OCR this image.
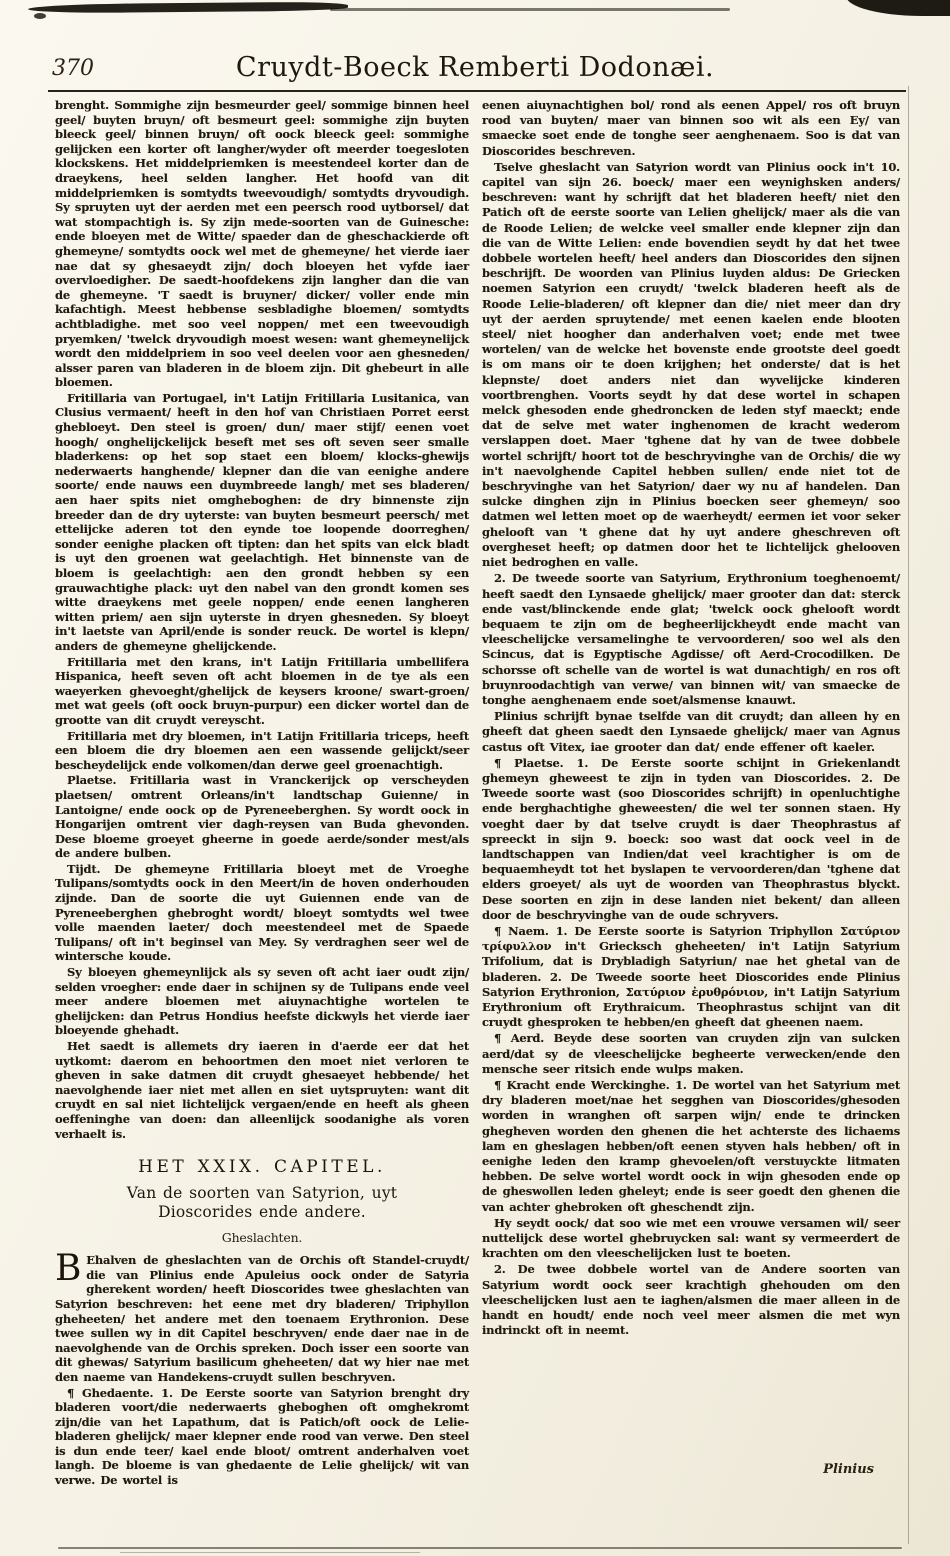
370	Cruydt-Boeck Remberti Dodonæi.

brenght. Sommighe zijn besmeurder geel/ sommige binnen heel geel/ buyten bruyn/ oft besmeurt geel: sommighe zijn buyten bleeck geel/ binnen bruyn/ oft oock bleeck geel: sommighe gelijcken een korter oft langher/wyder oft meerder toegesloten klockskens. Het middelpriemken is meestendeel korter dan de draeykens, heel selden langher. Het hoofd van dit middelpriemken is somtydts tweevoudigh/ somtydts dryvoudigh. Sy spruyten uyt der aerden met een peersch rood uytborsel/ dat wat stompachtigh is. Sy zijn mede-soorten van de Guinesche: ende bloeyen met de Witte/ spaeder dan de gheschackierde oft ghemeyne/ somtydts oock wel met de ghemeyne/ het vierde iaer nae dat sy ghesaeydt zijn/ doch bloeyen het vyfde iaer overvloedigher. De saedt-hoofdekens zijn langher dan die van de ghemeyne. 'T saedt is bruyner/ dicker/ voller ende min kafachtigh. Meest hebbense sesbladighe bloemen/ somtydts achtbladighe. met soo veel noppen/ met een tweevoudigh pryemken/ 'twelck dryvoudigh moest wesen: want ghemeynelijck wordt den middelpriem in soo veel deelen voor aen ghesneden/ alsser paren van bladeren in de bloem zijn. Dit ghebeurt in alle bloemen.

Fritillaria van Portugael, in't Latijn Fritillaria Lusitanica, van Clusius vermaent/ heeft in den hof van Christiaen Porret eerst ghebloeyt. Den steel is groen/ dun/ maer stijf/ eenen voet hoogh/ onghelijckelijck beseft met ses oft seven seer smalle bladerkens: op het sop staet een bloem/ klocks-ghewijs nederwaerts hanghende/ klepner dan die van eenighe andere soorte/ ende nauws een duymbreede langh/ met ses bladeren/ aen haer spits niet omgheboghen: de dry binnenste zijn breeder dan de dry uyterste: van buyten besmeurt peersch/ met ettelijcke aderen tot den eynde toe loopende doorreghen/ sonder eenighe placken oft tipten: dan het spits van elck bladt is uyt den groenen wat geelachtigh. Het binnenste van de bloem is geelachtigh: aen den grondt hebben sy een grauwachtighe plack: uyt den nabel van den grondt komen ses witte draeykens met geele noppen/ ende eenen langheren witten priem/ aen sijn uyterste in dryen ghesneden. Sy bloeyt in't laetste van April/ende is sonder reuck. De wortel is klepn/ anders de ghemeyne ghelijckende.

Fritillaria met den krans, in't Latijn Fritillaria umbellifera Hispanica, heeft seven oft acht bloemen in de tye als een waeyerken ghevoeght/ghelijck de keysers kroone/ swart-groen/ met wat geels (oft oock bruyn-purpur) een dicker wortel dan de grootte van dit cruydt vereyscht.

Fritillaria met dry bloemen, in't Latijn Fritillaria triceps, heeft een bloem die dry bloemen aen een wassende gelijckt/seer bescheydelijck ende volkomen/dan derwe geel groenachtigh.

Plaetse. Fritillaria wast in Vranckerijck op verscheyden plaetsen/ omtrent Orleans/in't landtschap Guienne/ in Lantoigne/ ende oock op de Pyreneeberghen. Sy wordt oock in Hongarijen omtrent vier dagh-reysen van Buda ghevonden. Dese bloeme groeyet gheerne in goede aerde/sonder mest/als de andere bulben.

Tijdt. De ghemeyne Fritillaria bloeyt met de Vroeghe Tulipans/somtydts oock in den Meert/in de hoven onderhouden zijnde. Dan de soorte die uyt Guiennen ende van de Pyreneeberghen ghebroght wordt/ bloeyt somtydts wel twee volle maenden laeter/ doch meestendeel met de Spaede Tulipans/ oft in't beginsel van Mey. Sy verdraghen seer wel de wintersche koude.

Sy bloeyen ghemeynlijck als sy seven oft acht iaer oudt zijn/ selden vroegher: ende daer in schijnen sy de Tulipans ende veel meer andere bloemen met aiuynachtighe wortelen te ghelijcken: dan Petrus Hondius heefste dickwyls het vierde iaer bloeyende ghehadt.

Het saedt is allemets dry iaeren in d'aerde eer dat het uytkomt: daerom en behoortmen den moet niet verloren te gheven in sake datmen dit cruydt ghesaeyet hebbende/ het naevolghende iaer niet met allen en siet uytspruyten: want dit cruydt en sal niet lichtelijck vergaen/ende en heeft als gheen oeffeninghe van doen: dan alleenlijck soodanighe als voren verhaelt is.

HET XXIX. CAPITEL.
Van de soorten van Satyrion, uyt Dioscorides ende andere.
Gheslachten.

B Ehalven de gheslachten van de Orchis oft Standel-cruydt/ die van Plinius ende Apuleius oock onder de Satyria gherekent worden/ heeft Dioscorides twee gheslachten van Satyrion beschreven: het eene met dry bladeren/ Triphyllon gheheeten/ het andere met den toenaem Erythronion. Dese twee sullen wy in dit Capitel beschryven/ ende daer nae in de naevolghende van de Orchis spreken. Doch isser een soorte van dit ghewas/ Satyrium basilicum gheheeten/ dat wy hier nae met den naeme van Handekens-cruydt sullen beschryven.

¶ Ghedaente. 1. De Eerste soorte van Satyrion brenght dry bladeren voort/die nederwaerts gheboghen oft omghekromt zijn/die van het Lapathum, dat is Patich/oft oock de Lelie-bladeren ghelijck/ maer klepner ende rood van verwe. Den steel is dun ende teer/ kael ende bloot/ omtrent anderhalven voet langh. De bloeme is van ghedaente de Lelie ghelijck/ wit van verwe. De wortel is

eenen aiuynachtighen bol/ rond als eenen Appel/ ros oft bruyn rood van buyten/ maer van binnen soo wit als een Ey/ van smaecke soet ende de tonghe seer aenghenaem. Soo is dat van Dioscorides beschreven.

Tselve gheslacht van Satyrion wordt van Plinius oock in't 10. capitel van sijn 26. boeck/ maer een weynighsken anders/ beschreven: want hy schrijft dat het bladeren heeft/ niet den Patich oft de eerste soorte van Lelien ghelijck/ maer als die van de Roode Lelien; de welcke veel smaller ende klepner zijn dan die van de Witte Lelien: ende bovendien seydt hy dat het twee dobbele wortelen heeft/ heel anders dan Dioscorides den sijnen beschrijft. De woorden van Plinius luyden aldus: De Griecken noemen Satyrion een cruydt/ 'twelck bladeren heeft als de Roode Lelie-bladeren/ oft klepner dan die/ niet meer dan dry uyt der aerden spruytende/ met eenen kaelen ende blooten steel/ niet hoogher dan anderhalven voet; ende met twee wortelen/ van de welcke het bovenste ende grootste deel goedt is om mans oir te doen krijghen; het onderste/ dat is het klepnste/ doet anders niet dan wyvelijcke kinderen voortbrenghen. Voorts seydt hy dat dese wortel in schapen melck ghesoden ende ghedroncken de leden styf maeckt; ende dat de selve met water inghenomen de kracht wederom verslappen doet. Maer 'tghene dat hy van de twee dobbele wortel schrijft/ hoort tot de beschryvinghe van de Orchis/ die wy in't naevolghende Capitel hebben sullen/ ende niet tot de beschryvinghe van het Satyrion/ daer wy nu af handelen. Dan sulcke dinghen zijn in Plinius boecken seer ghemeyn/ soo datmen wel letten moet op de waerheydt/ eermen iet voor seker ghelooft van 't ghene dat hy uyt andere gheschreven oft overgheset heeft; op datmen door het te lichtelijck ghelooven niet bedroghen en valle.

2. De tweede soorte van Satyrium, Erythronium toeghenoemt/ heeft saedt den Lynsaede ghelijck/ maer grooter dan dat: sterck ende vast/blinckende ende glat; 'twelck oock ghelooft wordt bequaem te zijn om de begheerlijckheydt ende macht van vleeschelijcke versamelinghe te vervoorderen/ soo wel als den Scincus, dat is Egyptische Agdisse/ oft Aerd-Crocodilken. De schorsse oft schelle van de wortel is wat dunachtigh/ en ros oft bruynroodachtigh van verwe/ van binnen wit/ van smaecke de tonghe aenghenaem ende soet/alsmense knauwt.

Plinius schrijft bynae tselfde van dit cruydt; dan alleen hy en gheeft dat gheen saedt den Lynsaede ghelijck/ maer van Agnus castus oft Vitex, iae grooter dan dat/ ende effener oft kaeler.

¶ Plaetse. 1. De Eerste soorte schijnt in Griekenlandt ghemeyn gheweest te zijn in tyden van Dioscorides. 2. De Tweede soorte wast (soo Dioscorides schrijft) in openluchtighe ende berghachtighe gheweesten/ die wel ter sonnen staen. Hy voeght daer by dat tselve cruydt is daer Theophrastus af spreeckt in sijn 9. boeck: soo wast dat oock veel in de landtschappen van Indien/dat veel krachtigher is om de bequaemheydt tot het byslapen te vervoorderen/dan 'tghene dat elders groeyet/ als uyt de woorden van Theophrastus blyckt. Dese soorten en zijn in dese landen niet bekent/ dan alleen door de beschryvinghe van de oude schryvers.

¶ Naem. 1. De Eerste soorte is Satyrion Triphyllon Σατύριον τρίφυλλον in't Griecksch gheheeten/ in't Latijn Satyrium Trifolium, dat is Drybladigh Satyriun/ nae het ghetal van de bladeren. 2. De Tweede soorte heet Dioscorides ende Plinius Satyrion Erythronion, Σατύριον ἐρυθρόνιον, in't Latijn Satyrium Erythronium oft Erythraicum. Theophrastus schijnt van dit cruydt ghesproken te hebben/en gheeft dat gheenen naem.

¶ Aerd. Beyde dese soorten van cruyden zijn van sulcken aerd/dat sy de vleeschelijcke begheerte verwecken/ende den mensche seer ritsich ende wulps maken.

¶ Kracht ende Werckinghe. 1. De wortel van het Satyrium met dry bladeren moet/nae het segghen van Dioscorides/ghesoden worden in wranghen oft sarpen wijn/ ende te drincken ghegheven worden den ghenen die het achterste des lichaems lam en gheslagen hebben/oft eenen styven hals hebben/ oft in eenighe leden den kramp ghevoelen/oft verstuyckte litmaten hebben. De selve wortel wordt oock in wijn ghesoden ende op de gheswollen leden gheleyt; ende is seer goedt den ghenen die van achter ghebroken oft gheschendt zijn.

Hy seydt oock/ dat soo wie met een vrouwe versamen wil/ seer nuttelijck dese wortel ghebruycken sal: want sy vermeerdert de krachten om den vleeschelijcken lust te boeten.

2. De twee dobbele wortel van de Andere soorten van Satyrium wordt oock seer krachtigh ghehouden om den vleeschelijcken lust aen te iaghen/alsmen die maer alleen in de handt en houdt/ ende noch veel meer alsmen die met wyn indrinckt oft in neemt.

Plinius
